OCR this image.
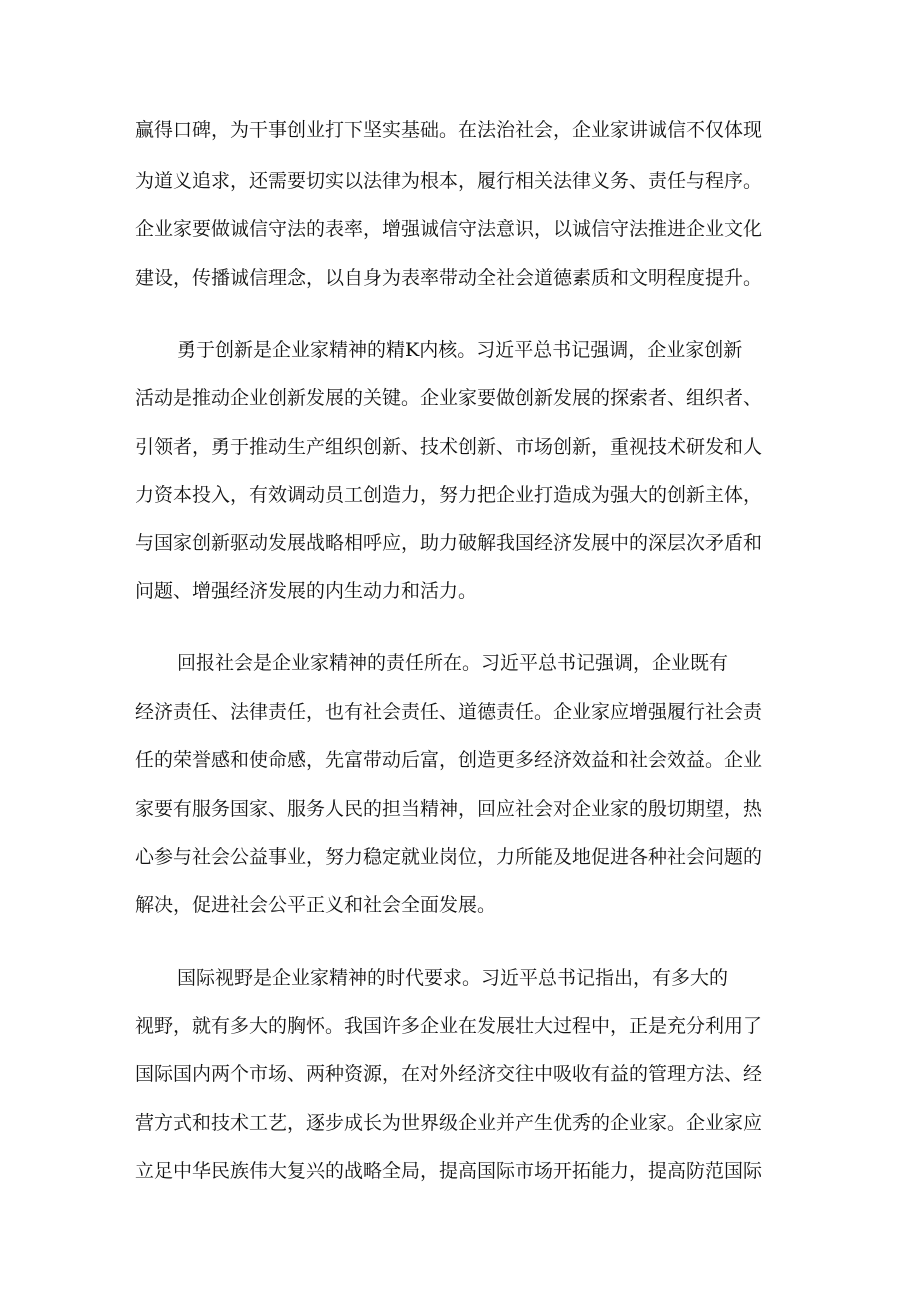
赢得口碑，为干事创业打下坚实基础。在法治社会，企业家讲诚信不仅体现
为道义追求，还需要切实以法律为根本，履行相关法律义务、责任与程序。
企业家要做诚信守法的表率，增强诚信守法意识，以诚信守法推进企业文化
建设，传播诚信理念，以自身为表率带动全社会道德素质和文明程度提升。
勇于创新是企业家精神的精K内核。习近平总书记强调，企业家创新
活动是推动企业创新发展的关键。企业家要做创新发展的探索者、组织者、
引领者，勇于推动生产组织创新、技术创新、市场创新，重视技术研发和人
力资本投入，有效调动员工创造力，努力把企业打造成为强大的创新主体，
与国家创新驱动发展战略相呼应，助力破解我国经济发展中的深层次矛盾和
问题、增强经济发展的内生动力和活力。
回报社会是企业家精神的责任所在。习近平总书记强调，企业既有
经济责任、法律责任，也有社会责任、道德责任。企业家应增强履行社会责
任的荣誉感和使命感，先富带动后富，创造更多经济效益和社会效益。企业
家要有服务国家、服务人民的担当精神，回应社会对企业家的殷切期望，热
心参与社会公益事业，努力稳定就业岗位，力所能及地促进各种社会问题的
解决，促进社会公平正义和社会全面发展。
国际视野是企业家精神的时代要求。习近平总书记指出，有多大的
视野，就有多大的胸怀。我国许多企业在发展壮大过程中，正是充分利用了
国际国内两个市场、两种资源，在对外经济交往中吸收有益的管理方法、经
营方式和技术工艺，逐步成长为世界级企业并产生优秀的企业家。企业家应
立足中华民族伟大复兴的战略全局，提高国际市场开拓能力，提高防范国际
